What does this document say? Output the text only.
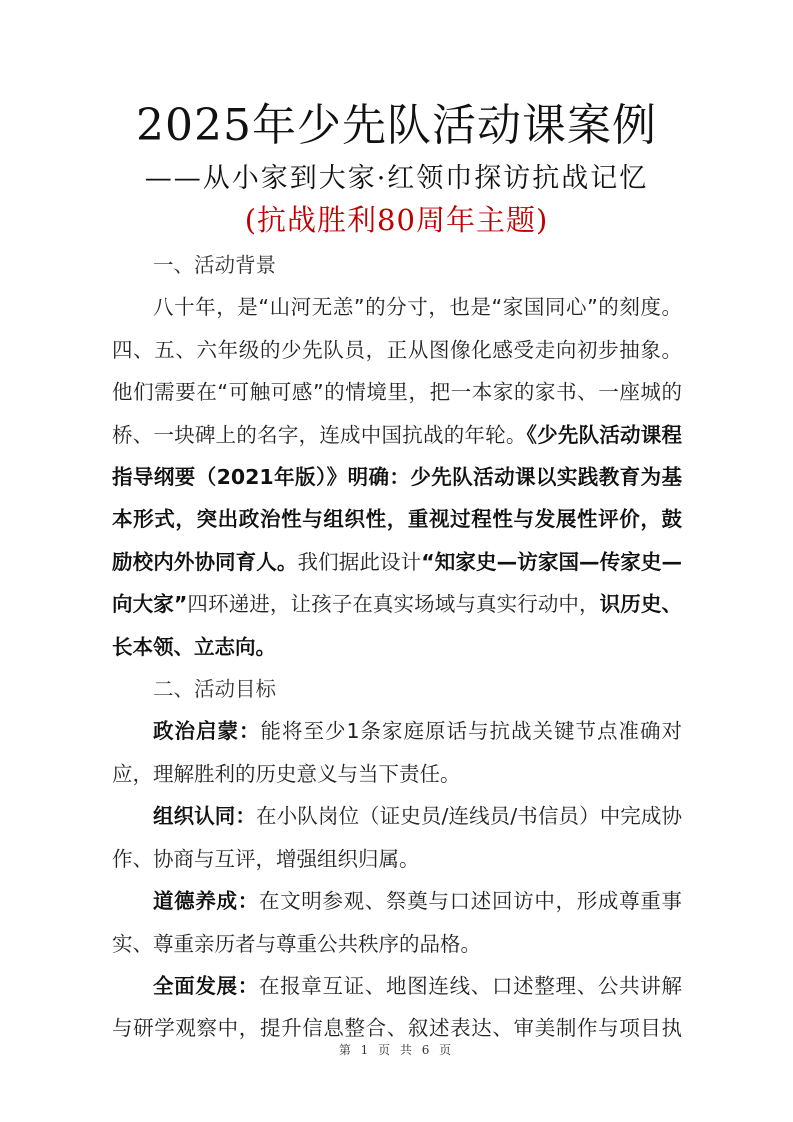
2025年少先队活动课案例
——从小家到大家·红领巾探访抗战记忆
(抗战胜利80周年主题)

一、活动背景

八十年，是“山河无恙”的分寸，也是“家国同心”的刻度。四、五、六年级的少先队员，正从图像化感受走向初步抽象。他们需要在“可触可感”的情境里，把一本家的家书、一座城的桥、一块碑上的名字，连成中国抗战的年轮。《少先队活动课程指导纲要（2021年版）》明确：少先队活动课以实践教育为基本形式，突出政治性与组织性，重视过程性与发展性评价，鼓励校内外协同育人。我们据此设计“知家史—访家国—传家史—向大家”四环递进，让孩子在真实场域与真实行动中，识历史、长本领、立志向。

二、活动目标

政治启蒙：能将至少1条家庭原话与抗战关键节点准确对应，理解胜利的历史意义与当下责任。

组织认同：在小队岗位（证史员/连线员/书信员）中完成协作、协商与互评，增强组织归属。

道德养成：在文明参观、祭奠与口述回访中，形成尊重事实、尊重亲历者与尊重公共秩序的品格。

全面发展：在报章互证、地图连线、口述整理、公共讲解与研学观察中，提升信息整合、叙述表达、审美制作与项目执

第 1 页 共 6 页
